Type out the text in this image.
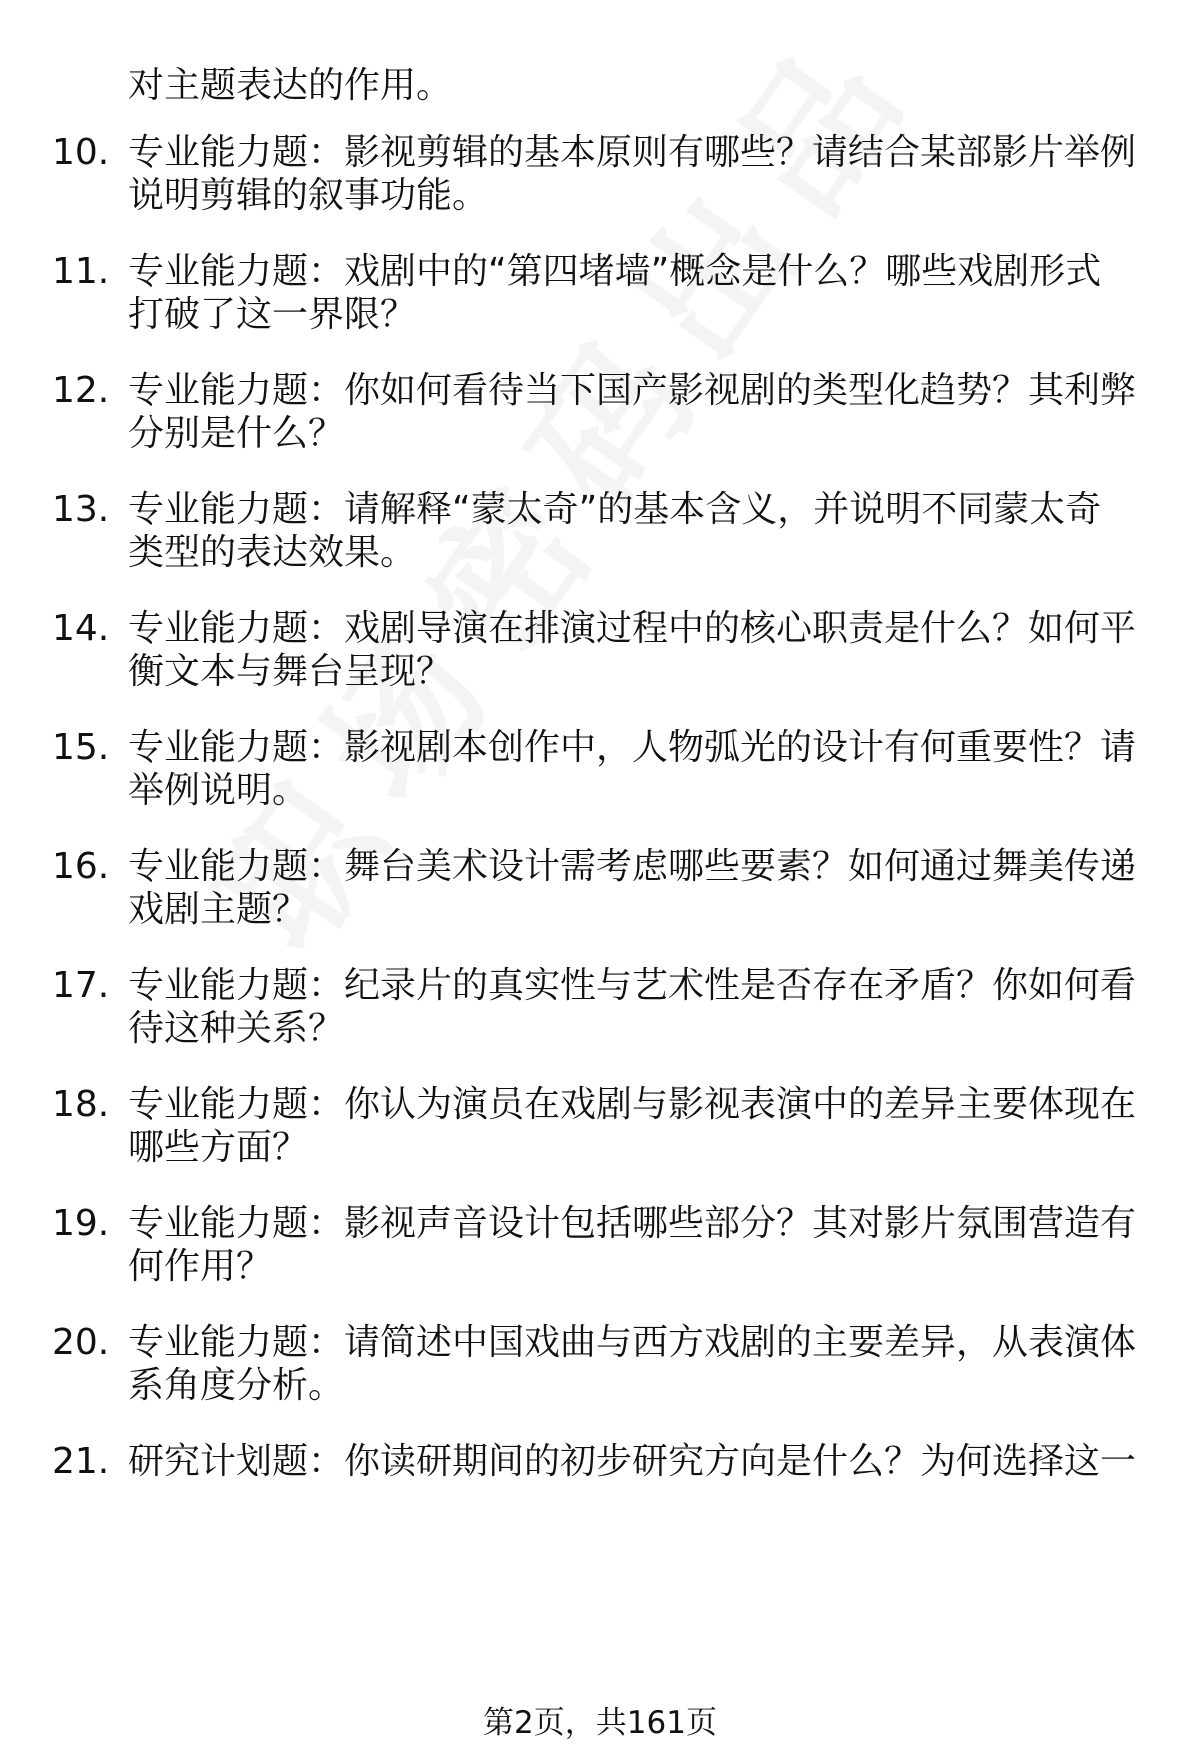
对主题表达的作用。
10. 专业能力题：影视剪辑的基本原则有哪些？请结合某部影片举例
说明剪辑的叙事功能。
11. 专业能力题：戏剧中的“第四堵墙”概念是什么？哪些戏剧形式
打破了这一界限？
12. 专业能力题：你如何看待当下国产影视剧的类型化趋势？其利弊
分别是什么？
13. 专业能力题：请解释“蒙太奇”的基本含义，并说明不同蒙太奇
类型的表达效果。
14. 专业能力题：戏剧导演在排演过程中的核心职责是什么？如何平
衡文本与舞台呈现？
15. 专业能力题：影视剧本创作中，人物弧光的设计有何重要性？请
举例说明。
16. 专业能力题：舞台美术设计需考虑哪些要素？如何通过舞美传递
戏剧主题？
17. 专业能力题：纪录片的真实性与艺术性是否存在矛盾？你如何看
待这种关系？
18. 专业能力题：你认为演员在戏剧与影视表演中的差异主要体现在
哪些方面？
19. 专业能力题：影视声音设计包括哪些部分？其对影片氛围营造有
何作用？
20. 专业能力题：请简述中国戏曲与西方戏剧的主要差异，从表演体
系角度分析。
21. 研究计划题：你读研期间的初步研究方向是什么？为何选择这一
第2页，共161页
